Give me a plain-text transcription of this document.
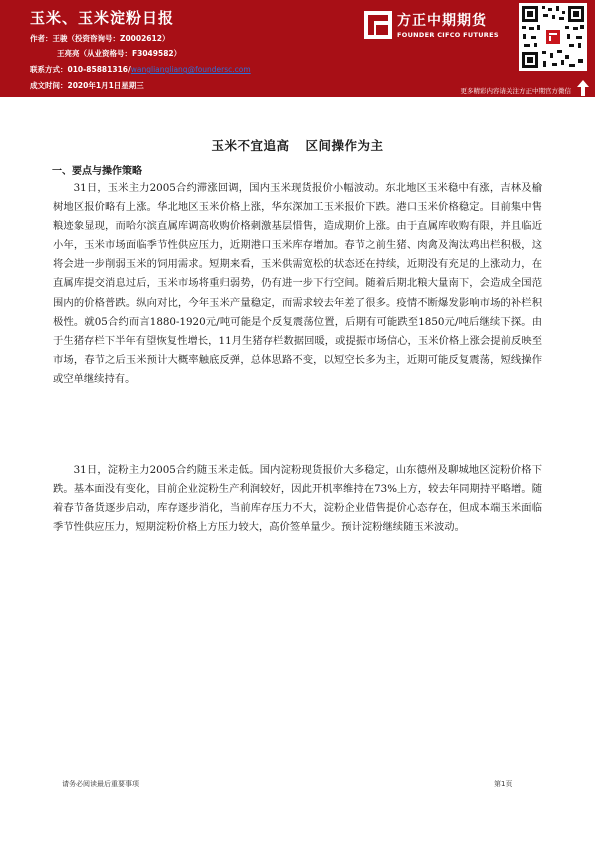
玉米、玉米淀粉日报
作者：王骏（投资咨询号：Z0002612）
王亮亮（从业资格号：F3049582）
联系方式：010-85881316/wangliangliang@foundersc.com
成文时间：2020年1月1日星期三
方正中期期货
FOUNDER CIFCO FUTURES
更多精彩内容请关注方正中期官方微信
玉米不宜追高 区间操作为主
一、要点与操作策略

31日，玉米主力2005合约滞涨回调，国内玉米现货报价小幅波动。东北地区玉米稳中有涨，吉林及榆树地区报价略有上涨。华北地区玉米价格上涨，华东深加工玉米报价下跌。港口玉米价格稳定。目前集中售粮迹象显现，而哈尔滨直属库调高收购价格刺激基层惜售，造成期价上涨。由于直属库收购有限，并且临近小年，玉米市场面临季节性供应压力，近期港口玉米库存增加。春节之前生猪、肉禽及淘汰鸡出栏积极，这将会进一步削弱玉米的饲用需求。短期来看，玉米供需宽松的状态还在持续，近期没有充足的上涨动力，在直属库提交消息过后，玉米市场将重归弱势，仍有进一步下行空间。随着后期北粮大量南下，会造成全国范围内的价格普跌。纵向对比，今年玉米产量稳定，而需求较去年差了很多。疫情不断爆发影响市场的补栏积极性。就05合约而言1880-1920元/吨可能是个反复震荡位置，后期有可能跌至1850元/吨后继续下探。由于生猪存栏下半年有望恢复性增长，11月生猪存栏数据回暖，或提振市场信心，玉米价格上涨会提前反映至市场，春节之后玉米预计大概率触底反弹，总体思路不变，以短空长多为主，近期可能反复震荡，短线操作或空单继续持有。

31日，淀粉主力2005合约随玉米走低。国内淀粉现货报价大多稳定，山东德州及聊城地区淀粉价格下跌。基本面没有变化，目前企业淀粉生产利润较好，因此开机率维持在73%上方，较去年同期持平略增。随着春节备货逐步启动，库存逐步消化，当前库存压力不大，淀粉企业借售提价心态存在，但成本端玉米面临季节性供应压力，短期淀粉价格上方压力较大，高价签单量少。预计淀粉继续随玉米波动。

请务必阅读最后重要事项	第1页
